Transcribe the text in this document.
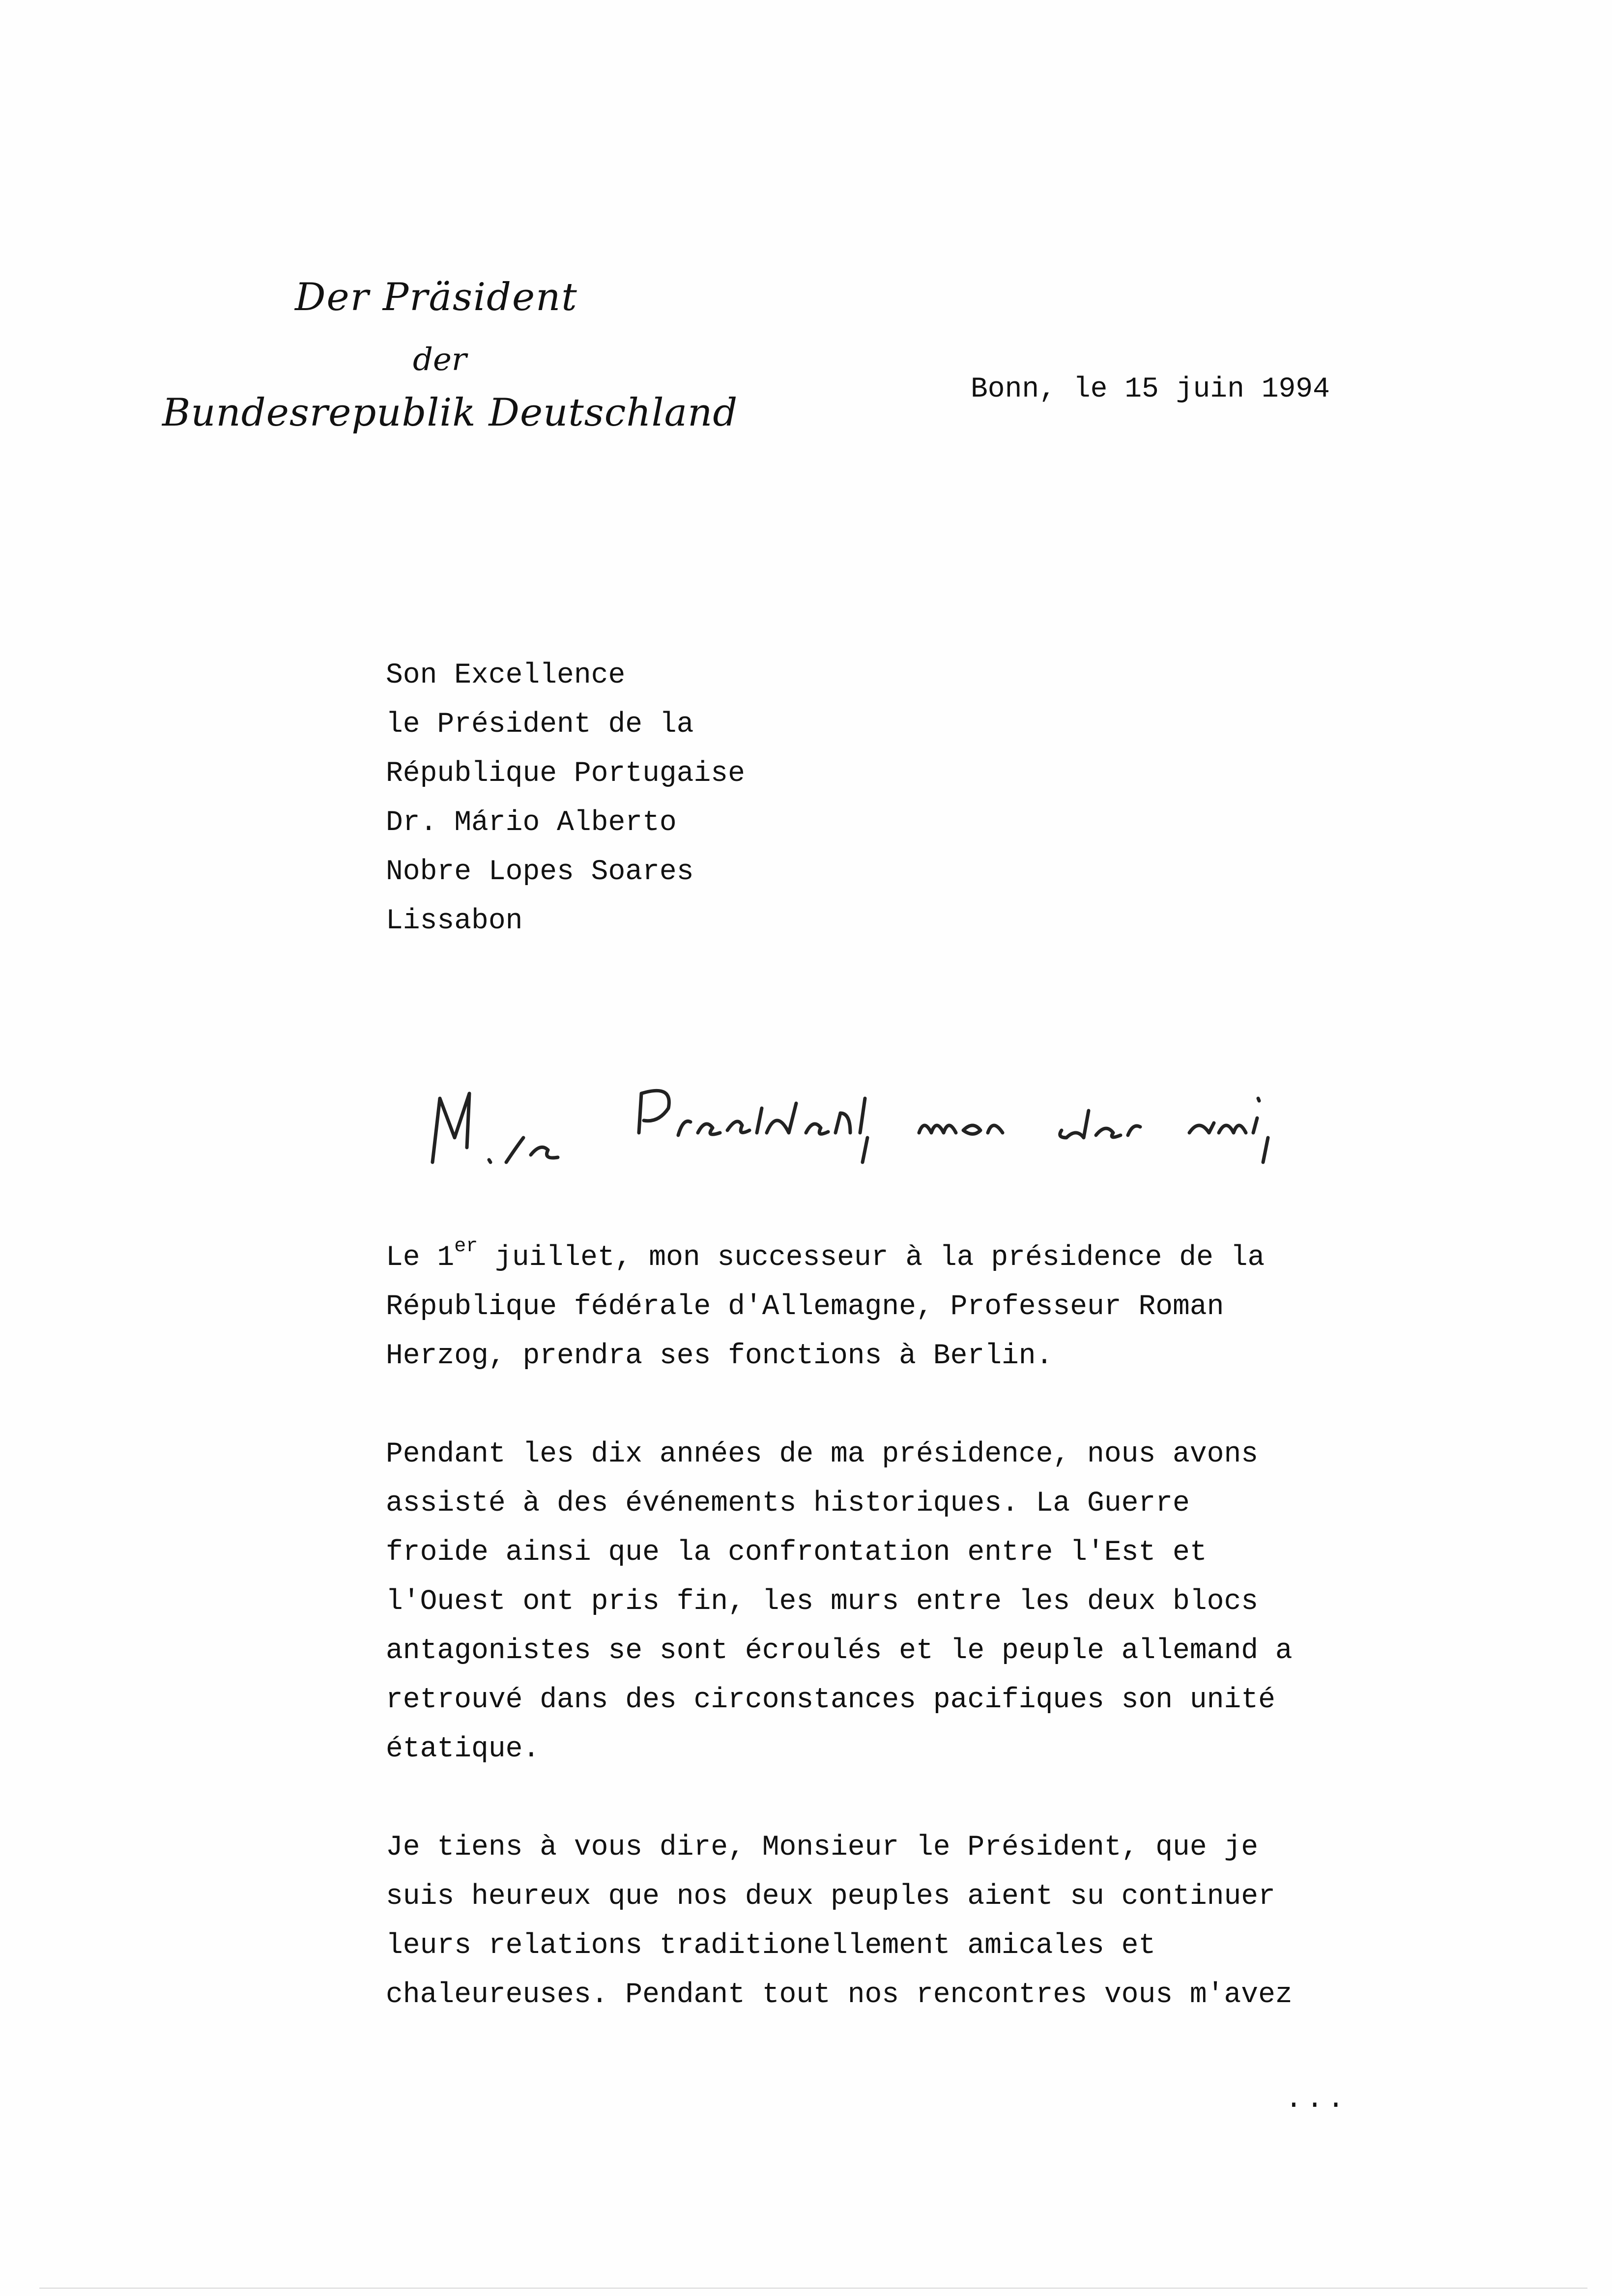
Der Präsident
der
Bundesrepublik Deutschland
Bonn, le 15 juin 1994
Son Excellence
le Président de la
République Portugaise
Dr. Mário Alberto
Nobre Lopes Soares
Lissabon
Le 1er juillet, mon successeur à la présidence de la
République fédérale d'Allemagne, Professeur Roman
Herzog, prendra ses fonctions à Berlin.
Pendant les dix années de ma présidence, nous avons
assisté à des événements historiques. La Guerre
froide ainsi que la confrontation entre l'Est et
l'Ouest ont pris fin, les murs entre les deux blocs
antagonistes se sont écroulés et le peuple allemand a
retrouvé dans des circonstances pacifiques son unité
étatique.
Je tiens à vous dire, Monsieur le Président, que je
suis heureux que nos deux peuples aient su continuer
leurs relations traditionellement amicales et
chaleureuses. Pendant tout nos rencontres vous m'avez
...
